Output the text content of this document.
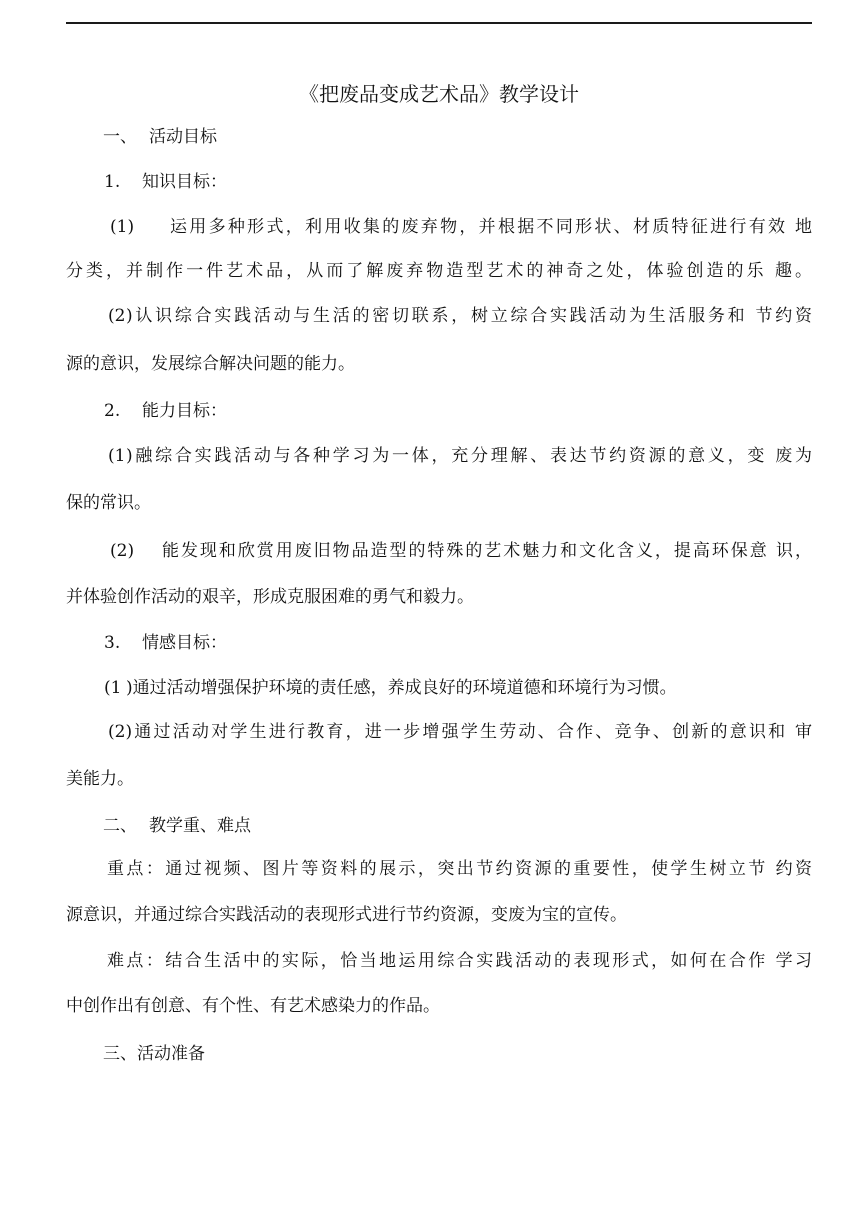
《把废品变成艺术品》教学设计
一、 活动目标
1. 知识目标：
(1) 运用多种形式，利用收集的废弃物，并根据不同形状、材质特征进行有效 地
分类，并制作一件艺术品，从而了解废弃物造型艺术的神奇之处，体验创造的乐 趣。
(2 )认识综合实践活动与生活的密切联系，树立综合实践活动为生活服务和 节约资
源的意识，发展综合解决问题的能力。
2. 能力目标：
(1 )融综合实践活动与各种学习为一体，充分理解、表达节约资源的意义，变 废为
保的常识。
(2) 能发现和欣赏用废旧物品造型的特殊的艺术魅力和文化含义，提高环保意 识，
并体验创作活动的艰辛，形成克服困难的勇气和毅力。
3. 情感目标：
(1 )通过活动增强保护环境的责任感，养成良好的环境道德和环境行为习惯。
(2)通过活动对学生进行教育，进一步增强学生劳动、合作、竞争、创新的意识和 审
美能力。
二、 教学重、难点
重点：通过视频、图片等资料的展示，突出节约资源的重要性，使学生树立节 约资
源意识，并通过综合实践活动的表现形式进行节约资源，变废为宝的宣传。
难点：结合生活中的实际，恰当地运用综合实践活动的表现形式，如何在合作 学习
中创作出有创意、有个性、有艺术感染力的作品。
三、活动准备
